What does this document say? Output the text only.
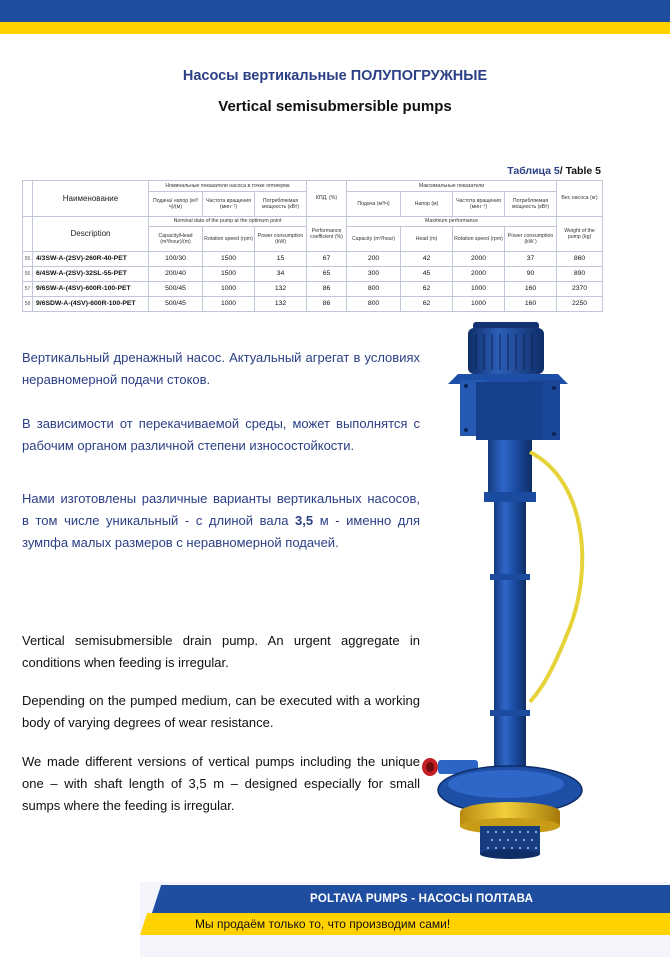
Насосы вертикальные ПОЛУПОГРУЖНЫЕ
Vertical semisubmersible pumps
Таблица 5/ Table 5
	Наименование	Номинальные показатели насоса в точке оптимума			КПД, (%)	Максимальные показатели				Вес насоса (кг)
		Подача/ напор (м³/ч)/(м)	Частота вращения (мин⁻¹)	Потребляемая мощность (кВт)		Подача (м³/ч)	Напор (м)	Частота вращения (мин⁻¹)	Потребляемая мощность (кВт)	
	Description	Nominal data of the pump at the optimum point			Performance coefficient (%)	Maximum performance				Weight of the pump (kg)
		Capacity/Head (m³/hour)/(m)	Rotation speed (rpm)	Power consumption (kW)		Capacity (m³/hour)	Head (m)	Rotation speed (rpm)	Power consumption (kW )	
55	4/3SW-A-(2SV)-260R-40-PET	100/30	1500	15	67	200	42	2000	37	860
56	6/4SW-A-(2SV)-32SL-55-PET	200/40	1500	34	65	300	45	2000	90	890
57	9/6SW-A-(4SV)-600R-100-PET	500/45	1000	132	86	800	62	1000	160	2370
58	9/6SDW-A-(4SV)-600R-100-PET	500/45	1000	132	86	800	62	1000	160	2250

Вертикальный дренажный насос. Актуальный агрегат в условиях неравномерной подачи стоков.

В зависимости от перекачиваемой среды, может выполнятся с рабочим органом различной степени износостойкости.

Нами изготовлены различные варианты вертикальных насосов, в том числе уникальный - с длиной вала 3,5 м - именно для зумпфа малых размеров с неравномерной подачей.

Vertical semisubmersible drain pump. An urgent aggregate in conditions when feeding is irregular.

Depending on the pumped medium, can be executed with a working body of varying degrees of wear resistance.

We made different versions of vertical pumps including the unique one – with shaft length of 3,5 m – designed especially for small sumps where the feeding is irregular.

POLTAVA PUMPS - НАСОСЫ ПОЛТАВА
Мы продаём только то, что производим сами!
